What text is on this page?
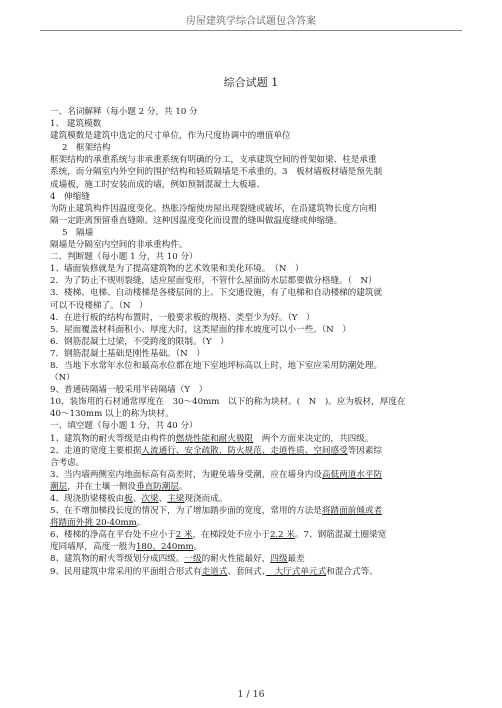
房屋建筑学综合试题包含答案
综合试题 1

一、名词解释（每小题 2 分，共 10 分

1、 建筑模数

建筑模数是建筑中选定的尺寸单位，作为尺度协调中的增值单位

2　框架结构

框架结构的承重系统与非承重系统有明确的分工，支承建筑空间的骨架如梁、柱是承重

系统，而分隔室内外空间的围护结构和轻质隔墙是不承重的。3　板材墙板材墙是预先制

成墙板，施工时安装而成的墙，例如预制混凝土大板墙、

4　伸缩缝

为防止建筑构件因温度变化、热胀冷缩使房屋出现裂缝或破坏，在沿建筑物长度方向相

隔一定距离预留垂直缝隙。这种因温度变化而设置的缝叫做温度缝或伸缩缝。

5　隔墙

隔墙是分隔室内空间的非承重构件。

二、判断题（每小题 1 分，共 10 分）

1、墙面装修就是为了提高建筑物的艺术效果和美化环境。　（N　）

2．为了防止不规则裂缝，适应屋面变形，不管什么屋面防水层都要做分格缝。（　N）

3．楼梯、电梯、自动楼梯是各楼层间的上、下交通设施，有了电梯和自动楼梯的建筑就

可以不设楼梯了。（N　）

4．在进行板的结构布置时，一般要求板的规格、类型少为好。（Y　）

5．屋面覆盖材料面积小、厚度大时，这类屋面的排水坡度可以小一些。（N　）

6．钢筋混凝土过梁，不受跨度的限制。（Y　）

7．钢筋混凝土基础是刚性基础。（N　）

8．当地下水常年水位和最高水位都在地下室地坪标高以上时，地下室应采用防潮处理。

（N）

9、普通砖隔墙一般采用半砖隔墙（Y　）

10、装饰用的石材通常厚度在　30～40mm　以下的称为块材。(　N　)。应为板材，厚度在

40～130mm 以上的称为块材。

一、填空题（每小题 1 分，共 40 分）

1、建筑物的耐火等级是由构件的燃烧性能和耐火极限　两个方面来决定的，共四级。

2、走道的宽度主要根据人流通行、安全疏散、防火规范、走道性质、空间感受等因素综

合考虑。

3、当内墙两侧室内地面标高有高差时，为避免墙身受潮，应在墙身内设高低两道水平防

潮层，并在土壤一侧设垂直防潮层。

4、现浇肋梁楼板由板、次梁、主梁现浇而成。

5、在不增加梯段长度的情况下，为了增加踏步面的宽度，常用的方法是将踏面前倾或者

将踏面外挑 20-40mm。

6、楼梯的净高在平台处不应小于2 米，在梯段处不应小于2.2 米。7、钢筋混凝土圈梁宽

度同墙厚，高度一般为180、240mm。

8、建筑物的耐火等级划分成四级。一级的耐火性能最好，四级最差

9、民用建筑中常采用的平面组合形式有走道式、套间式、　大厅式单元式和混合式等。

1 / 16
